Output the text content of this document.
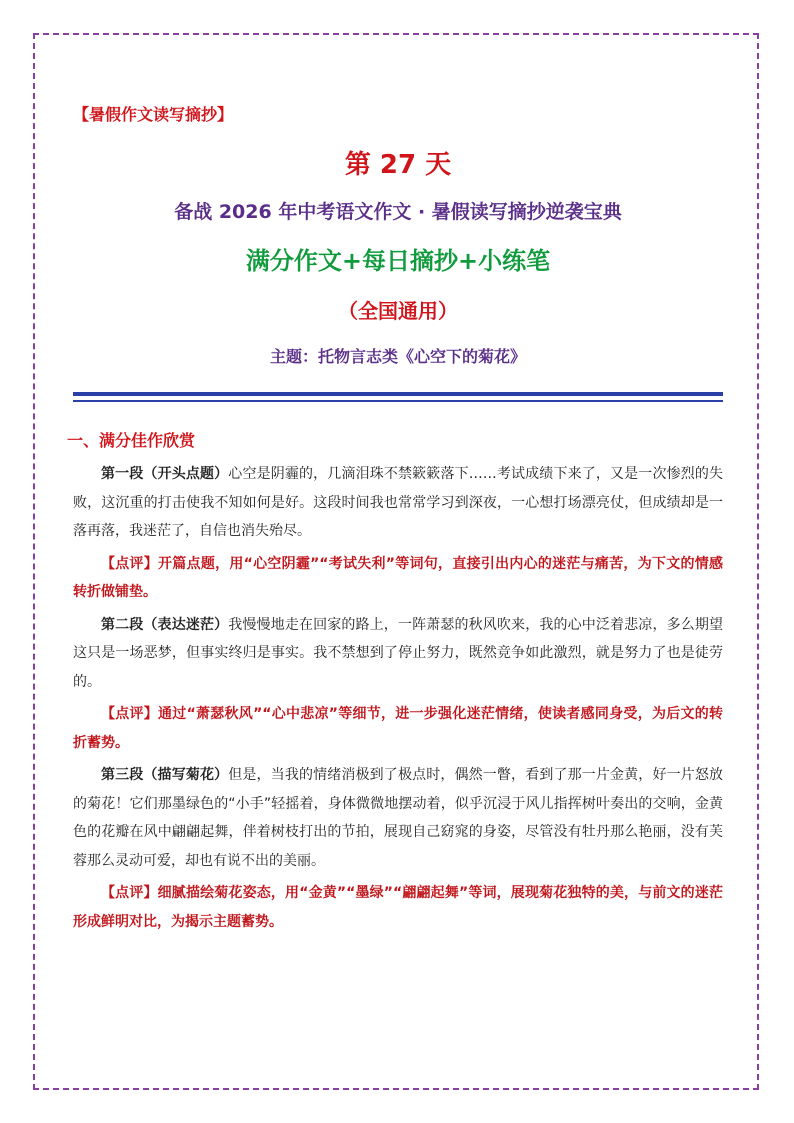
【暑假作文读写摘抄】
第 27 天
备战 2026 年中考语文作文 · 暑假读写摘抄逆袭宝典
满分作文+每日摘抄+小练笔
（全国通用）
主题：托物言志类《心空下的菊花》
一、满分佳作欣赏

第一段（开头点题）心空是阴霾的，几滴泪珠不禁簌簌落下……考试成绩下来了，又是一次惨烈的失败，这沉重的打击使我不知如何是好。这段时间我也常常学习到深夜，一心想打场漂亮仗，但成绩却是一落再落，我迷茫了，自信也消失殆尽。

【点评】开篇点题，用“心空阴霾”“考试失利”等词句，直接引出内心的迷茫与痛苦，为下文的情感转折做铺垫。

第二段（表达迷茫）我慢慢地走在回家的路上，一阵萧瑟的秋风吹来，我的心中泛着悲凉，多么期望这只是一场恶梦，但事实终归是事实。我不禁想到了停止努力，既然竞争如此激烈，就是努力了也是徒劳的。

【点评】通过“萧瑟秋风”“心中悲凉”等细节，进一步强化迷茫情绪，使读者感同身受，为后文的转折蓄势。

第三段（描写菊花）但是，当我的情绪消极到了极点时，偶然一瞥，看到了那一片金黄，好一片怒放的菊花！它们那墨绿色的“小手”轻摇着，身体微微地摆动着，似乎沉浸于风儿指挥树叶奏出的交响，金黄色的花瓣在风中翩翩起舞，伴着树枝打出的节拍，展现自己窈窕的身姿，尽管没有牡丹那么艳丽，没有芙蓉那么灵动可爱，却也有说不出的美丽。

【点评】细腻描绘菊花姿态，用“金黄”“墨绿”“翩翩起舞”等词，展现菊花独特的美，与前文的迷茫形成鲜明对比，为揭示主题蓄势。
